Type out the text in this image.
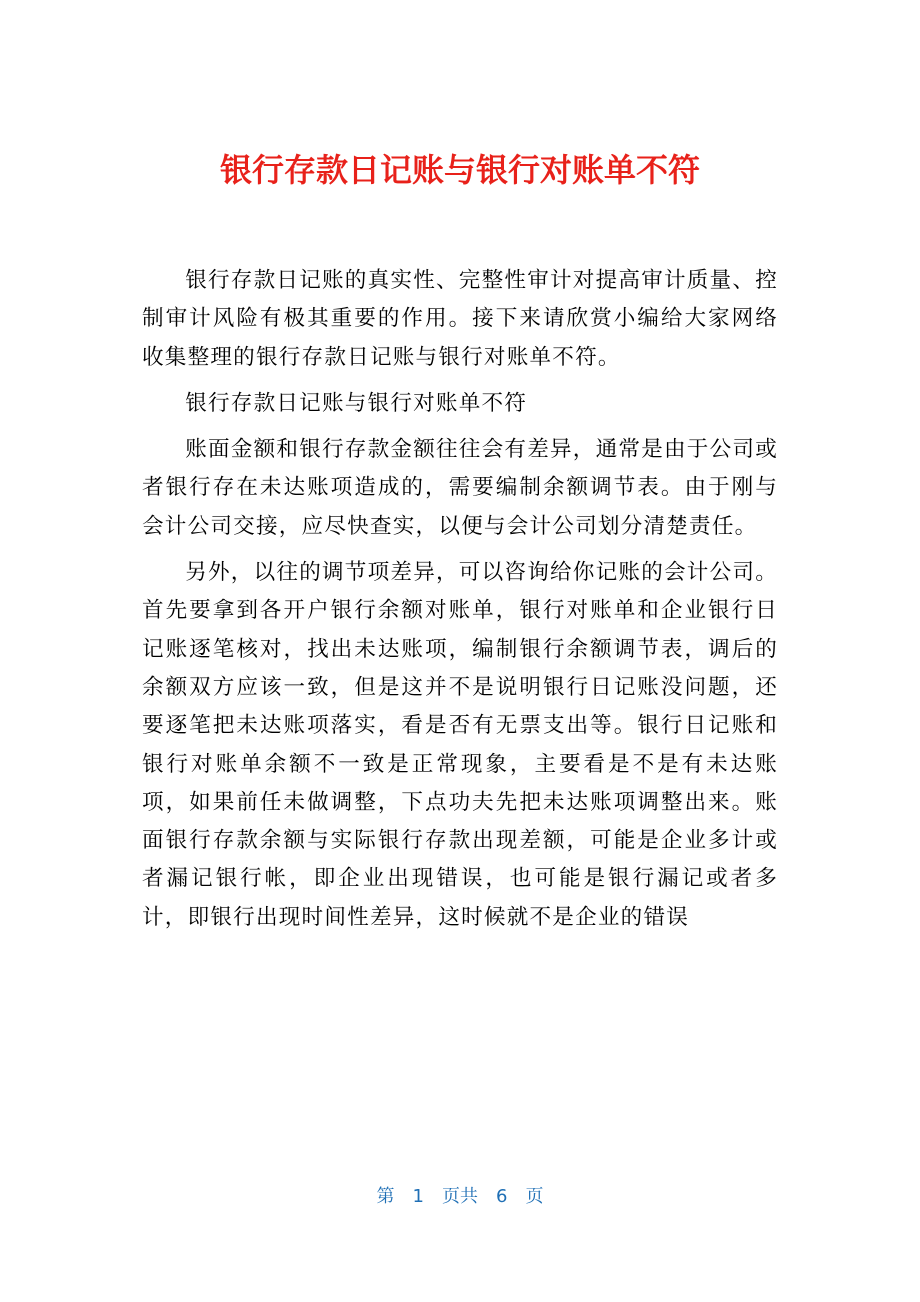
银行存款日记账与银行对账单不符

银行存款日记账的真实性、完整性审计对提高审计质量、控制审计风险有极其重要的作用。接下来请欣赏小编给大家网络收集整理的银行存款日记账与银行对账单不符。

银行存款日记账与银行对账单不符

账面金额和银行存款金额往往会有差异，通常是由于公司或者银行存在未达账项造成的，需要编制余额调节表。由于刚与会计公司交接，应尽快查实，以便与会计公司划分清楚责任。

另外，以往的调节项差异，可以咨询给你记账的会计公司。首先要拿到各开户银行余额对账单，银行对账单和企业银行日记账逐笔核对，找出未达账项，编制银行余额调节表，调后的余额双方应该一致，但是这并不是说明银行日记账没问题，还要逐笔把未达账项落实，看是否有无票支出等。银行日记账和银行对账单余额不一致是正常现象，主要看是不是有未达账项，如果前任未做调整，下点功夫先把未达账项调整出来。账面银行存款余额与实际银行存款出现差额，可能是企业多计或者漏记银行帐，即企业出现错误，也可能是银行漏记或者多计，即银行出现时间性差异，这时候就不是企业的错误

第 1 页共 6 页
